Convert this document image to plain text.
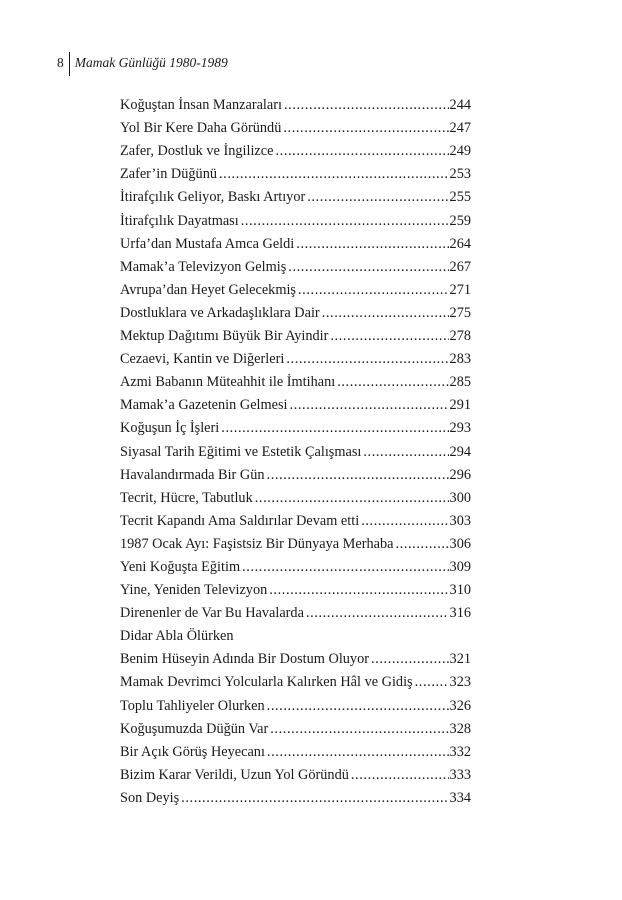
8 Mamak Günlüğü 1980-1989
Koğuştan İnsan Manzaraları .....	244
Yol Bir Kere Daha Göründü .....	247
Zafer, Dostluk ve İngilizce .....	249
Zafer’in Düğünü .....	253
İtirafçılık Geliyor, Baskı Artıyor .....	255
İtirafçılık Dayatması .....	259
Urfa’dan Mustafa Amca Geldi .....	264
Mamak’a Televizyon Gelmiş .....	267
Avrupa’dan Heyet Gelecekmiş .....	271
Dostluklara ve Arkadaşlıklara Dair .....	275
Mektup Dağıtımı Büyük Bir Ayindir .....	278
Cezaevi, Kantin ve Diğerleri .....	283
Azmi Babanın Müteahhit ile İmtihanı .....	285
Mamak’a Gazetenin Gelmesi .....	291
Koğuşun İç İşleri .....	293
Siyasal Tarih Eğitimi ve Estetik Çalışması .....	294
Havalandırmada Bir Gün .....	296
Tecrit, Hücre, Tabutluk .....	300
Tecrit Kapandı Ama Saldırılar Devam etti .....	303
1987 Ocak Ayı: Faşistsiz Bir Dünyaya Merhaba .....	306
Yeni Koğuşta Eğitim .....	309
Yine, Yeniden Televizyon .....	310
Direnenler de Var Bu Havalarda .....	316
Didar Abla Ölürken
Benim Hüseyin Adında Bir Dostum Oluyor .....	321
Mamak Devrimci Yolcularla Kalırken Hâl ve Gidiş .....	323
Toplu Tahliyeler Olurken .....	326
Koğuşumuzda Düğün Var .....	328
Bir Açık Görüş Heyecanı .....	332
Bizim Karar Verildi, Uzun Yol Göründü .....	333
Son Deyiş .....	334
